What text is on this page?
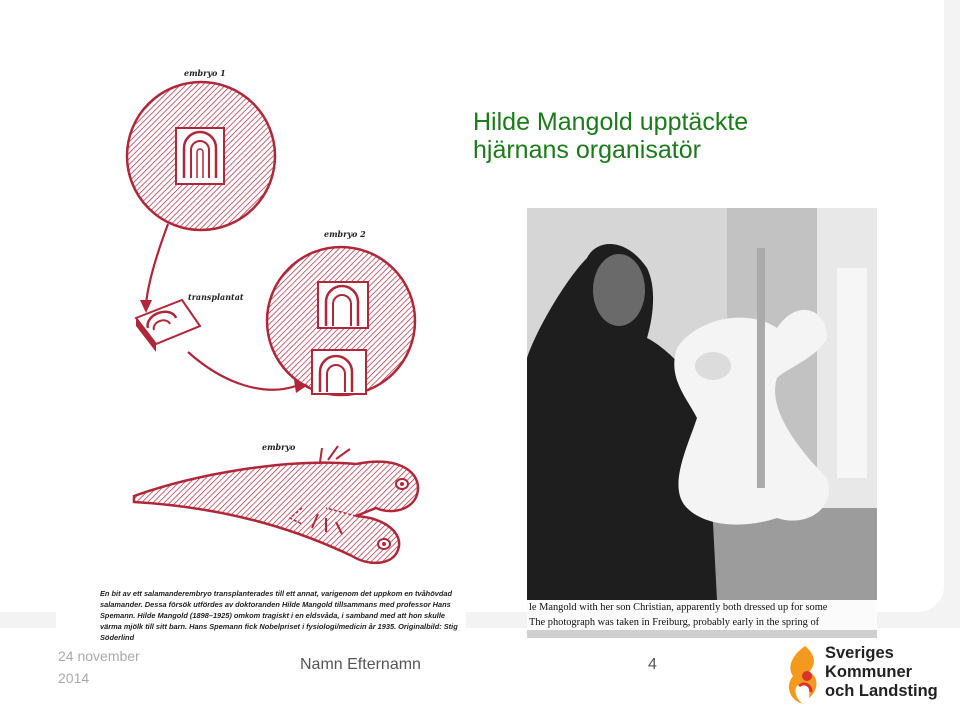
Hilde Mangold upptäckte
hjärnans organisatör
embryo 1
transplantat
embryo 2
embryo
En bit av ett salamanderembryo transplanterades till ett annat, varigenom det uppkom en tvåhövdad salamander. Dessa försök utfördes av doktoranden Hilde Mangold tillsammans med professor Hans Spemann. Hilde Mangold (1898–1925) omkom tragiskt i en eldsvåda, i samband med att hon skulle värma mjölk till sitt barn. Hans Spemann fick Nobelpriset i fysiologi/medicin år 1935. Originalbild: Stig Söderlind
le Mangold with her son Christian, apparently both dressed up for some
The photograph was taken in Freiburg, probably early in the spring of
24 november 2014
Namn Efternamn	4
Sveriges
Kommuner
och Landsting
